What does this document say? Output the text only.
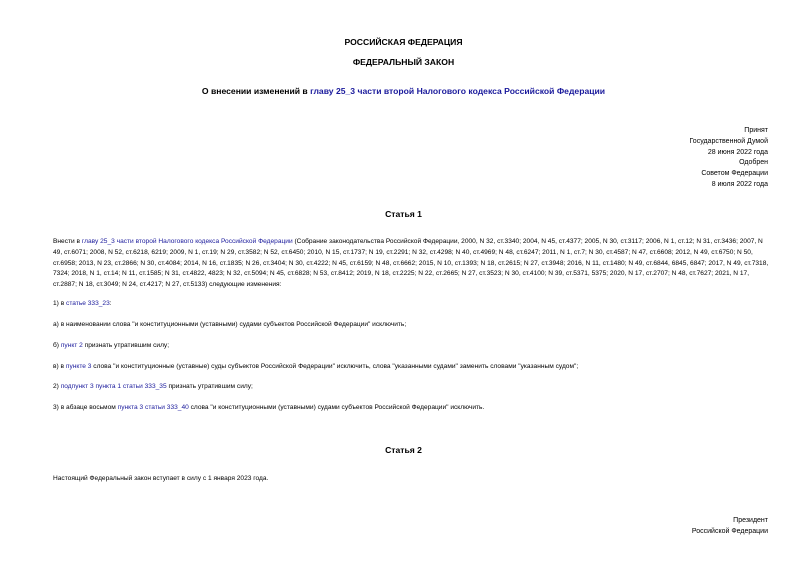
РОССИЙСКАЯ ФЕДЕРАЦИЯ
ФЕДЕРАЛЬНЫЙ ЗАКОН
О внесении изменений в главу 25_3 части второй Налогового кодекса Российской Федерации
Принят
Государственной Думой
28 июня 2022 года
Одобрен
Советом Федерации
8 июля 2022 года
Статья 1
Внести в главу 25_3 части второй Налогового кодекса Российской Федерации (Собрание законодательства Российской Федерации, 2000, N 32, ст.3340; 2004, N 45, ст.4377; 2005, N 30, ст.3117; 2006, N 1, ст.12; N 31, ст.3436; 2007, N 49, ст.6071; 2008, N 52, ст.6218, 6219; 2009, N 1, ст.19; N 29, ст.3582; N 52, ст.6450; 2010, N 15, ст.1737; N 19, ст.2291; N 32, ст.4298; N 40, ст.4969; N 48, ст.6247; 2011, N 1, ст.7; N 30, ст.4587; N 47, ст.6608; 2012, N 49, ст.6750; N 50, ст.6958; 2013, N 23, ст.2866; N 30, ст.4084; 2014, N 16, ст.1835; N 26, ст.3404; N 30, ст.4222; N 45, ст.6159; N 48, ст.6662; 2015, N 10, ст.1393; N 18, ст.2615; N 27, ст.3948; 2016, N 11, ст.1480; N 49, ст.6844, 6845, 6847; 2017, N 49, ст.7318, 7324; 2018, N 1, ст.14; N 11, ст.1585; N 31, ст.4822, 4823; N 32, ст.5094; N 45, ст.6828; N 53, ст.8412; 2019, N 18, ст.2225; N 22, ст.2665; N 27, ст.3523; N 30, ст.4100; N 39, ст.5371, 5375; 2020, N 17, ст.2707; N 48, ст.7627; 2021, N 17, ст.2887; N 18, ст.3049; N 24, ст.4217; N 27, ст.5133) следующие изменения:
1) в статье 333_23:
а) в наименовании слова "и конституционными (уставными) судами субъектов Российской Федерации" исключить;
б) пункт 2 признать утратившим силу;
в) в пункте 3 слова "и конституционные (уставные) суды субъектов Российской Федерации" исключить, слова "указанными судами" заменить словами "указанным судом";
2) подпункт 3 пункта 1 статьи 333_35 признать утратившим силу;
3) в абзаце восьмом пункта 3 статьи 333_40 слова "и конституционными (уставными) судами субъектов Российской Федерации" исключить.
Статья 2
Настоящий Федеральный закон вступает в силу с 1 января 2023 года.
Президент
Российской Федерации
